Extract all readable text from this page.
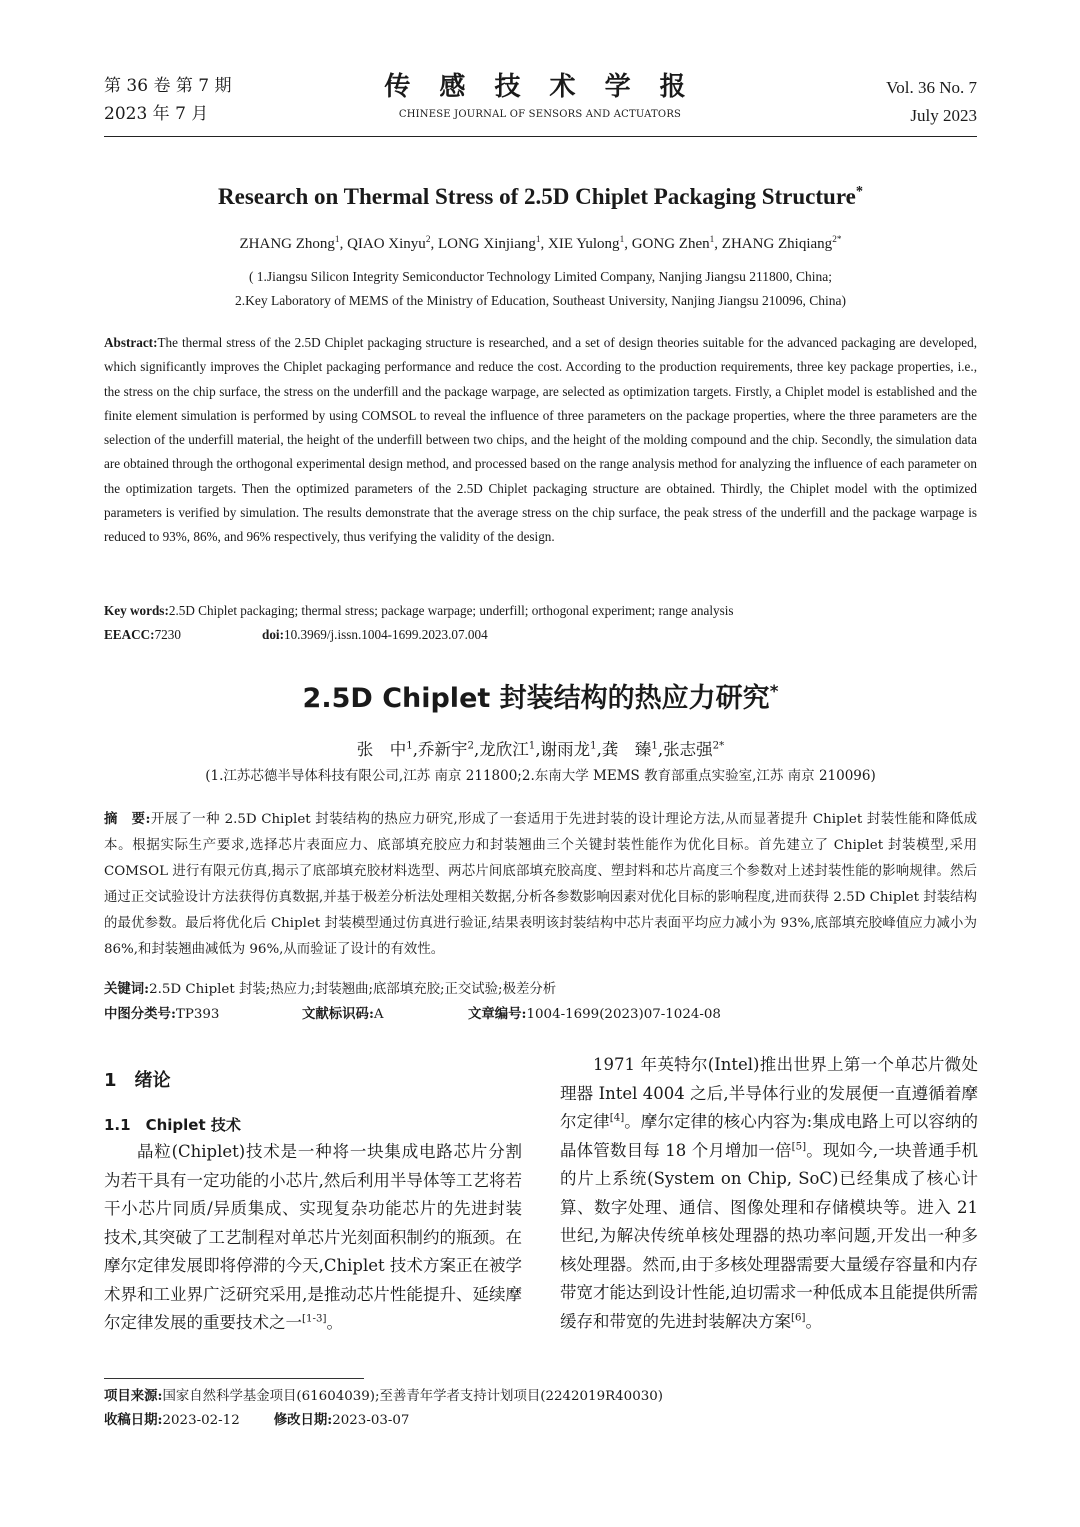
第 36 卷 第 7 期
2023 年 7 月
传 感 技 术 学 报
CHINESE JOURNAL OF SENSORS AND ACTUATORS
Vol. 36 No. 7
July 2023
Research on Thermal Stress of 2.5D Chiplet Packaging Structure*
ZHANG Zhong$^1$, QIAO Xinyu$^2$, LONG Xinjiang$^1$, XIE Yulong$^1$, GONG Zhen$^1$, ZHANG Zhiqiang$^{2*}$
( 1.Jiangsu Silicon Integrity Semiconductor Technology Limited Company, Nanjing Jiangsu 211800, China;
2.Key Laboratory of MEMS of the Ministry of Education, Southeast University, Nanjing Jiangsu 210096, China)
Abstract:The thermal stress of the 2.5D Chiplet packaging structure is researched, and a set of design theories suitable for the advanced packaging are developed, which significantly improves the Chiplet packaging performance and reduce the cost. According to the production requirements, three key package properties, i.e., the stress on the chip surface, the stress on the underfill and the package warpage, are selected as optimization targets. Firstly, a Chiplet model is established and the finite element simulation is performed by using COMSOL to reveal the influence of three parameters on the package properties, where the three parameters are the selection of the underfill material, the height of the underfill between two chips, and the height of the molding compound and the chip. Secondly, the simulation data are obtained through the orthogonal experimental design method, and processed based on the range analysis method for analyzing the influence of each parameter on the optimization targets. Then the optimized parameters of the 2.5D Chiplet packaging structure are obtained. Thirdly, the Chiplet model with the optimized parameters is verified by simulation. The results demonstrate that the average stress on the chip surface, the peak stress of the underfill and the package warpage is reduced to 93%, 86%, and 96% respectively, thus verifying the validity of the design.
Key words:2.5D Chiplet packaging; thermal stress; package warpage; underfill; orthogonal experiment; range analysis
EEACC:7230	doi:10.3969/j.issn.1004-1699.2023.07.004
2.5D Chiplet 封装结构的热应力研究*
张　中$^1$,乔新宇$^2$,龙欣江$^1$,谢雨龙$^1$,龚　臻$^1$,张志强$^{2*}$
(1.江苏芯德半导体科技有限公司,江苏 南京 211800;2.东南大学 MEMS 教育部重点实验室,江苏 南京 210096)
摘　要:开展了一种 2.5D Chiplet 封装结构的热应力研究,形成了一套适用于先进封装的设计理论方法,从而显著提升 Chiplet 封装性能和降低成本。根据实际生产要求,选择芯片表面应力、底部填充胶应力和封装翘曲三个关键封装性能作为优化目标。首先建立了 Chiplet 封装模型,采用 COMSOL 进行有限元仿真,揭示了底部填充胶材料选型、两芯片间底部填充胶高度、塑封料和芯片高度三个参数对上述封装性能的影响规律。然后通过正交试验设计方法获得仿真数据,并基于极差分析法处理相关数据,分析各参数影响因素对优化目标的影响程度,进而获得 2.5D Chiplet 封装结构的最优参数。最后将优化后 Chiplet 封装模型通过仿真进行验证,结果表明该封装结构中芯片表面平均应力减小为 93%,底部填充胶峰值应力减小为 86%,和封装翘曲减低为 96%,从而验证了设计的有效性。
关键词:2.5D Chiplet 封装;热应力;封装翘曲;底部填充胶;正交试验;极差分析
中图分类号:TP393	文献标识码:A	文章编号:1004-1699(2023)07-1024-08
1　绪论
1.1　Chiplet 技术

晶粒(Chiplet)技术是一种将一块集成电路芯片分割为若干具有一定功能的小芯片,然后利用半导体等工艺将若干小芯片同质/异质集成、实现复杂功能芯片的先进封装技术,其突破了工艺制程对单芯片光刻面积制约的瓶颈。在摩尔定律发展即将停滞的今天,Chiplet 技术方案正在被学术界和工业界广泛研究采用,是推动芯片性能提升、延续摩尔定律发展的重要技术之一[1-3]。

1971 年英特尔(Intel)推出世界上第一个单芯片微处理器 Intel 4004 之后,半导体行业的发展便一直遵循着摩尔定律[4]。摩尔定律的核心内容为:集成电路上可以容纳的晶体管数目每 18 个月增加一倍[5]。现如今,一块普通手机的片上系统(System on Chip, SoC)已经集成了核心计算、数字处理、通信、图像处理和存储模块等。进入 21 世纪,为解决传统单核处理器的热功率问题,开发出一种多核处理器。然而,由于多核处理器需要大量缓存容量和内存带宽才能达到设计性能,迫切需求一种低成本且能提供所需缓存和带宽的先进封装解决方案[6]。

项目来源:国家自然科学基金项目(61604039);至善青年学者支持计划项目(2242019R40030)
收稿日期:2023-02-12	修改日期:2023-03-07
